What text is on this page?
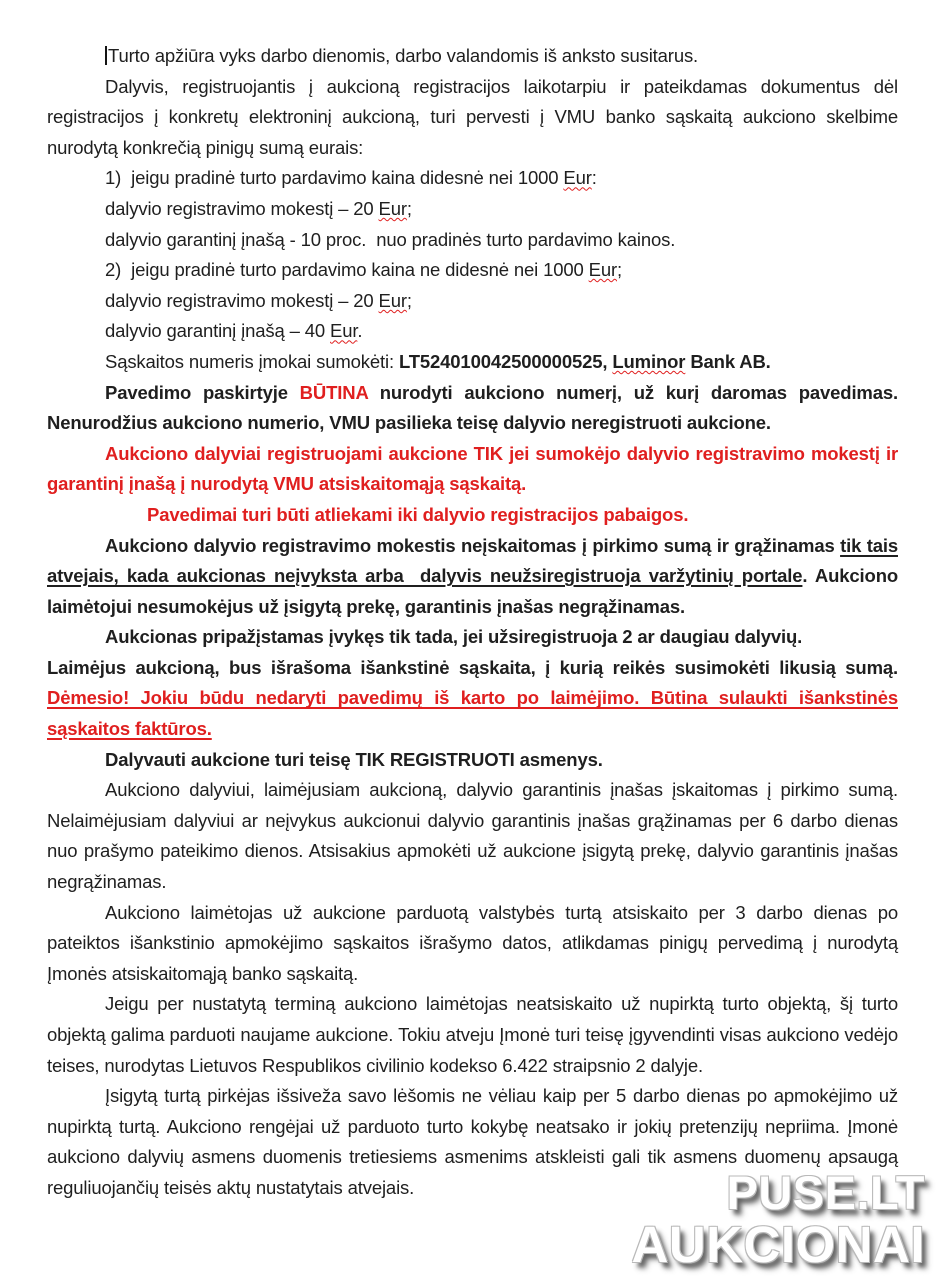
Turto apžiūra vyks darbo dienomis, darbo valandomis iš anksto susitarus.

Dalyvis, registruojantis į aukcioną registracijos laikotarpiu ir pateikdamas dokumentus dėl registracijos į konkretų elektroninį aukcioną, turi pervesti į VMU banko sąskaitą aukciono skelbime nurodytą konkrečią pinigų sumą eurais:

1)  jeigu pradinė turto pardavimo kaina didesnė nei 1000 Eur:

dalyvio registravimo mokestį – 20 Eur;

dalyvio garantinį įnašą - 10 proc.  nuo pradinės turto pardavimo kainos.

2)  jeigu pradinė turto pardavimo kaina ne didesnė nei 1000 Eur;

dalyvio registravimo mokestį – 20 Eur;

dalyvio garantinį įnašą – 40 Eur.

Sąskaitos numeris įmokai sumokėti: LT524010042500000525, Luminor Bank AB.

Pavedimo paskirtyje BŪTINA nurodyti aukciono numerį, už kurį daromas pavedimas. Nenurodžius aukciono numerio, VMU pasilieka teisę dalyvio neregistruoti aukcione.

Aukciono dalyviai registruojami aukcione TIK jei sumokėjo dalyvio registravimo mokestį ir garantinį įnašą į nurodytą VMU atsiskaitomąją sąskaitą.

Pavedimai turi būti atliekami iki dalyvio registracijos pabaigos.

Aukciono dalyvio registravimo mokestis neįskaitomas į pirkimo sumą ir grąžinamas tik tais atvejais, kada aukcionas neįvyksta arba  dalyvis neužsiregistruoja varžytinių portale. Aukciono laimėtojui nesumokėjus už įsigytą prekę, garantinis įnašas negrąžinamas.

Aukcionas pripažįstamas įvykęs tik tada, jei užsiregistruoja 2 ar daugiau dalyvių.

Laimėjus aukcioną, bus išrašoma išankstinė sąskaita, į kurią reikės susimokėti likusią sumą. Dėmesio! Jokiu būdu nedaryti pavedimų iš karto po laimėjimo. Būtina sulaukti išankstinės sąskaitos faktūros.

Dalyvauti aukcione turi teisę TIK REGISTRUOTI asmenys.

Aukciono dalyviui, laimėjusiam aukcioną, dalyvio garantinis įnašas įskaitomas į pirkimo sumą. Nelaimėjusiam dalyviui ar neįvykus aukcionui dalyvio garantinis įnašas grąžinamas per 6 darbo dienas nuo prašymo pateikimo dienos. Atsisakius apmokėti už aukcione įsigytą prekę, dalyvio garantinis įnašas negrąžinamas.

Aukciono laimėtojas už aukcione parduotą valstybės turtą atsiskaito per 3 darbo dienas po pateiktos išankstinio apmokėjimo sąskaitos išrašymo datos, atlikdamas pinigų pervedimą į nurodytą Įmonės atsiskaitomąją banko sąskaitą.

Jeigu per nustatytą terminą aukciono laimėtojas neatsiskaito už nupirktą turto objektą, šį turto objektą galima parduoti naujame aukcione. Tokiu atveju Įmonė turi teisę įgyvendinti visas aukciono vedėjo teises, nurodytas Lietuvos Respublikos civilinio kodekso 6.422 straipsnio 2 dalyje.

Įsigytą turtą pirkėjas išsiveža savo lėšomis ne vėliau kaip per 5 darbo dienas po apmokėjimo už nupirktą turtą. Aukciono rengėjai už parduoto turto kokybę neatsako ir jokių pretenzijų nepriima. Įmonė aukciono dalyvių asmens duomenis tretiesiems asmenims atskleisti gali tik asmens duomenų apsaugą reguliuojančių teisės aktų nustatytais atvejais.	PUSE.LT
AUKCIONAI
